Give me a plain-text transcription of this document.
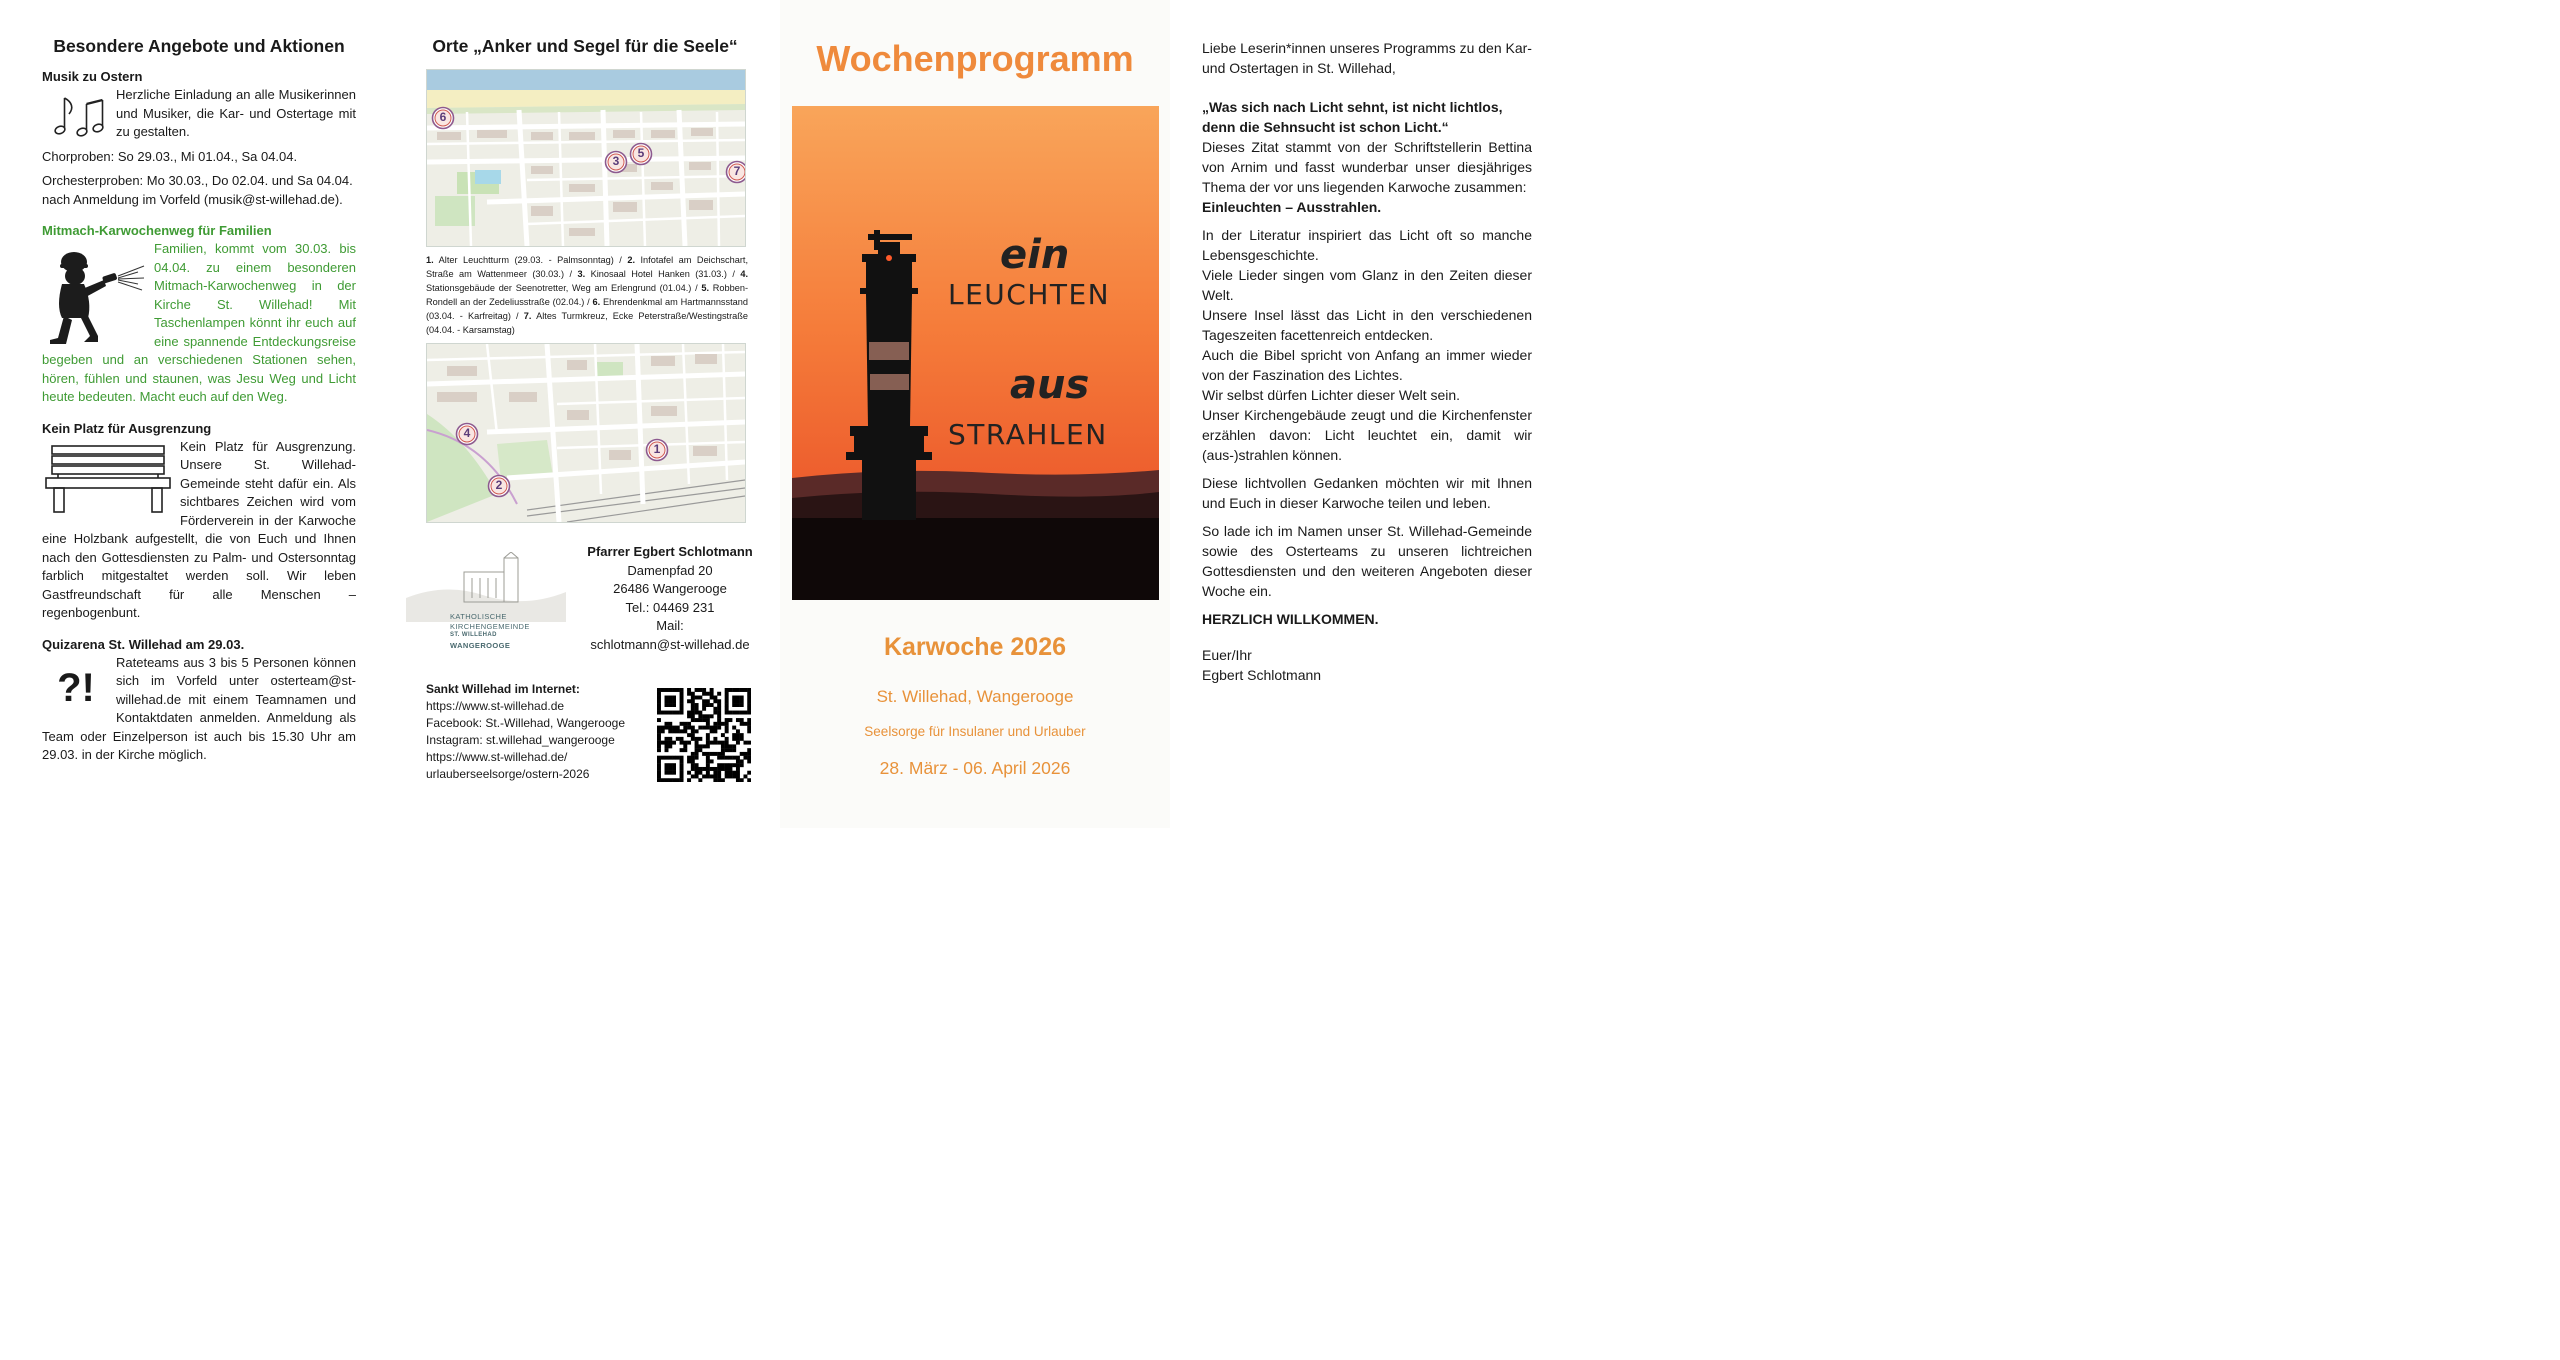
Besondere Angebote und Aktionen
Musik zu Ostern

Herzliche Einladung an alle Musikerinnen und Musiker, die Kar- und Ostertage mit zu gestalten.

Chorproben: So 29.03., Mi 01.04., Sa 04.04.

Orchesterproben: Mo 30.03., Do 02.04. und Sa 04.04. nach Anmeldung im Vorfeld (musik@st-willehad.de).

Mitmach-Karwochenweg für Familien

Familien, kommt vom 30.03. bis 04.04. zu einem besonderen Mitmach-Karwochenweg in der Kirche St. Willehad! Mit Taschenlampen könnt ihr euch auf eine spannende Entdeckungsreise begeben und an verschiedenen Stationen sehen, hören, fühlen und staunen, was Jesu Weg und Licht heute bedeuten. Macht euch auf den Weg.

Kein Platz für Ausgrenzung

Kein Platz für Ausgrenzung. Unsere St. Willehad-Gemeinde steht dafür ein. Als sichtbares Zeichen wird vom Förderverein in der Karwoche eine Holzbank aufgestellt, die von Euch und Ihnen nach den Gottesdiensten zu Palm- und Ostersonntag farblich mitgestaltet werden soll. Wir leben Gastfreundschaft für alle Menschen – regenbogenbunt.

Quizarena St. Willehad am 29.03.
?!

Rateteams aus 3 bis 5 Personen können sich im Vorfeld unter osterteam@st-willehad.de mit einem Teamnamen und Kontaktdaten anmelden. Anmeldung als Team oder Einzelperson ist auch bis 15.30 Uhr am 29.03. in der Kirche möglich.

Orte „Anker und Segel für die Seele“
6
3
5
7

1. Alter Leuchtturm (29.03. - Palmsonntag) / 2. Infotafel am Deichschart, Straße am Wattenmeer (30.03.) / 3. Kinosaal Hotel Hanken (31.03.) / 4. Stationsgebäude der Seenotretter, Weg am Erlengrund (01.04.) / 5. Robben-Rondell an der Zedeliusstraße (02.04.) / 6. Ehrendenkmal am Hartmannsstand (03.04. - Karfreitag) / 7. Altes Turmkreuz, Ecke Peterstraße/Westingstraße (04.04. - Karsamstag)

4
1
2
KATHOLISCHE
KIRCHENGEMEINDE
ST. WILLEHAD
WANGEROOGE
Pfarrer Egbert Schlotmann
Damenpfad 20
26486 Wangerooge
Tel.: 04469 231
Mail:
schlotmann@st-willehad.de
Sankt Willehad im Internet:
https://www.st-willehad.de
Facebook: St.-Willehad, Wangerooge
Instagram: st.willehad_wangerooge
https://www.st-willehad.de/
urlauberseelsorge/ostern-2026
Wochenprogramm
ein
LEUCHTEN
aus
STRAHLEN
Karwoche 2026
St. Willehad, Wangerooge
Seelsorge für Insulaner und Urlauber
28. März - 06. April 2026

Liebe Leserin*innen unseres Programms zu den Kar- und Ostertagen in St. Willehad,

„Was sich nach Licht sehnt, ist nicht lichtlos,

denn die Sehnsucht ist schon Licht.“

Dieses Zitat stammt von der Schriftstellerin Bettina von Arnim und fasst wunderbar unser diesjähriges Thema der vor uns liegenden Karwoche zusammen:

Einleuchten – Ausstrahlen.

In der Literatur inspiriert das Licht oft so manche Lebensgeschichte.

Viele Lieder singen vom Glanz in den Zeiten dieser Welt.

Unsere Insel lässt das Licht in den verschiedenen Tageszeiten facettenreich entdecken.

Auch die Bibel spricht von Anfang an immer wieder von der Faszination des Lichtes.

Wir selbst dürfen Lichter dieser Welt sein.

Unser Kirchengebäude zeugt und die Kirchenfenster erzählen davon: Licht leuchtet ein, damit wir (aus-)strahlen können.

Diese lichtvollen Gedanken möchten wir mit Ihnen und Euch in dieser Karwoche teilen und leben.

So lade ich im Namen unser St. Willehad-Gemeinde sowie des Osterteams zu unseren lichtreichen Gottesdiensten und den weiteren Angeboten dieser Woche ein.

HERZLICH WILLKOMMEN.

Euer/Ihr

Egbert Schlotmann
